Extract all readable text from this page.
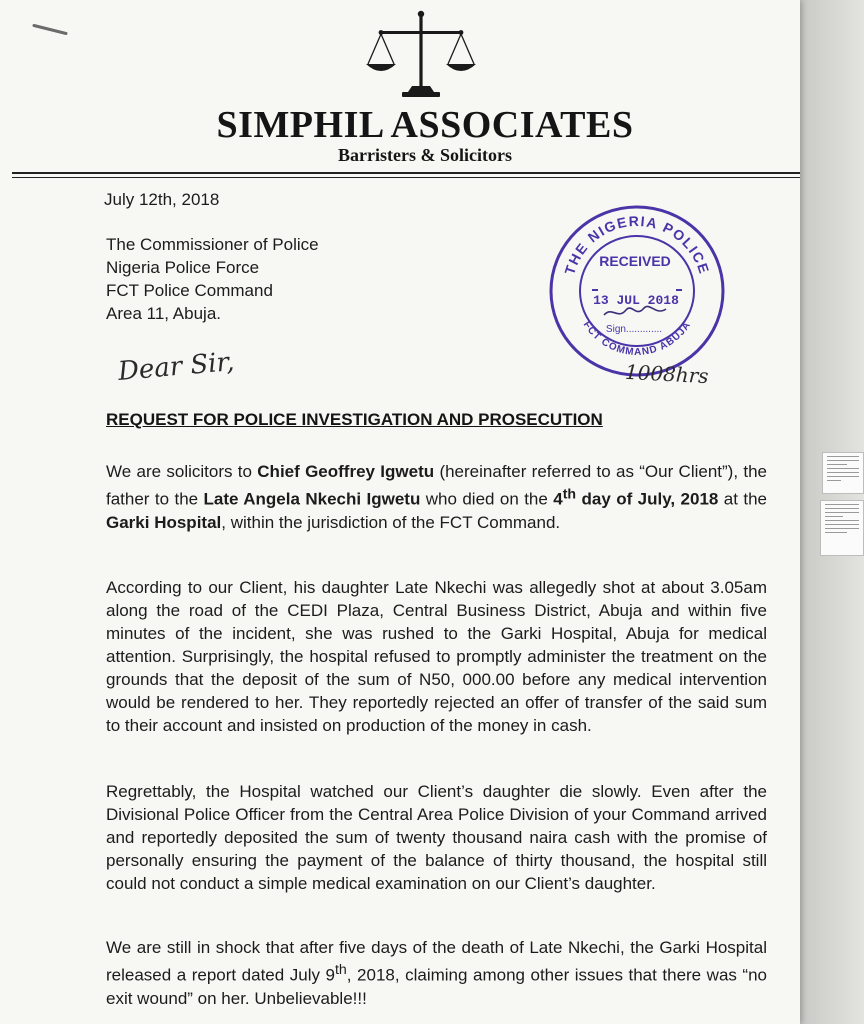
SIMPHIL ASSOCIATES
Barristers & Solicitors
July 12th, 2018
The Commissioner of Police
Nigeria Police Force
FCT Police Command
Area 11, Abuja.
THE NIGERIA POLICE
FCT COMMAND ABUJA
RECEIVED
13 JUL 2018
Sign.............
Dear Sir,	1008hrs
REQUEST FOR POLICE INVESTIGATION AND PROSECUTION
We are solicitors to Chief Geoffrey Igwetu (hereinafter referred to as “Our Client”), the father to the Late Angela Nkechi Igwetu who died on the 4th day of July, 2018 at the Garki Hospital, within the jurisdiction of the FCT Command.
According to our Client, his daughter Late Nkechi was allegedly shot at about 3.05am along the road of the CEDI Plaza, Central Business District, Abuja and within five minutes of the incident, she was rushed to the Garki Hospital, Abuja for medical attention. Surprisingly, the hospital refused to promptly administer the treatment on the grounds that the deposit of the sum of N50, 000.00 before any medical intervention would be rendered to her. They reportedly rejected an offer of transfer of the said sum to their account and insisted on production of the money in cash.
Regrettably, the Hospital watched our Client’s daughter die slowly. Even after the Divisional Police Officer from the Central Area Police Division of your Command arrived and reportedly deposited the sum of twenty thousand naira cash with the promise of personally ensuring the payment of the balance of thirty thousand, the hospital still could not conduct a simple medical examination on our Client’s daughter.
We are still in shock that after five days of the death of Late Nkechi, the Garki Hospital released a report dated July 9th, 2018, claiming among other issues that there was “no exit wound” on her. Unbelievable!!!
